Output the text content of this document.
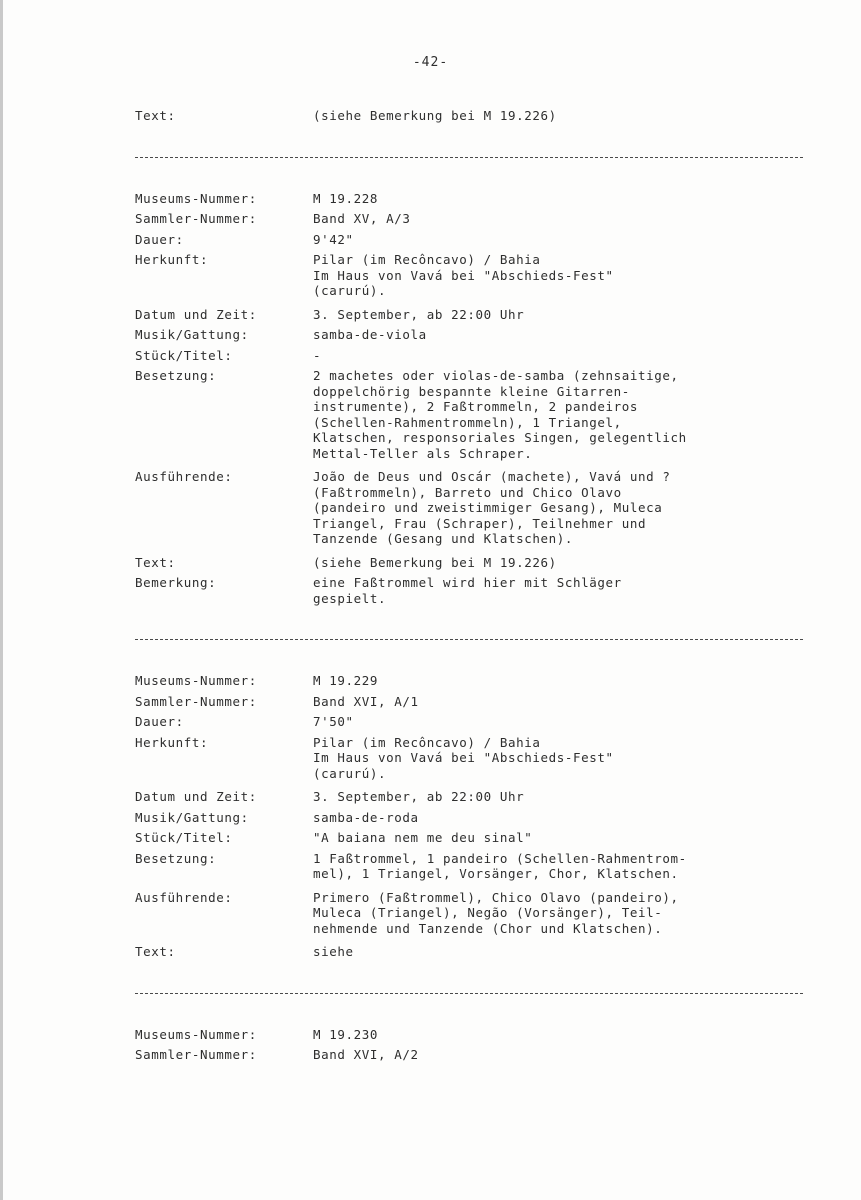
-42-
Text:	(siehe Bemerkung bei M 19.226)
Museums-Nummer:	M 19.228
Sammler-Nummer:	Band XV, A/3
Dauer:	9'42"
Herkunft:	Pilar (im Recôncavo) / Bahia
Im Haus von Vavá bei "Abschieds-Fest"
(carurú).
Datum und Zeit:	3. September, ab 22:00 Uhr
Musik/Gattung:	samba-de-viola
Stück/Titel:	-
Besetzung:	2 machetes oder violas-de-samba (zehnsaitige,
doppelchörig bespannte kleine Gitarren-
instrumente), 2 Faßtrommeln, 2 pandeiros
(Schellen-Rahmentrommeln), 1 Triangel,
Klatschen, responsoriales Singen, gelegentlich
Mettal-Teller als Schraper.
Ausführende:	João de Deus und Oscár (machete), Vavá und ?
(Faßtrommeln), Barreto und Chico Olavo
(pandeiro und zweistimmiger Gesang), Muleca
Triangel, Frau (Schraper), Teilnehmer und
Tanzende (Gesang und Klatschen).
Text:	(siehe Bemerkung bei M 19.226)
Bemerkung:	eine Faßtrommel wird hier mit Schläger
gespielt.
Museums-Nummer:	M 19.229
Sammler-Nummer:	Band XVI, A/1
Dauer:	7'50"
Herkunft:	Pilar (im Recôncavo) / Bahia
Im Haus von Vavá bei "Abschieds-Fest"
(carurú).
Datum und Zeit:	3. September, ab 22:00 Uhr
Musik/Gattung:	samba-de-roda
Stück/Titel:	"A baiana nem me deu sinal"
Besetzung:	1 Faßtrommel, 1 pandeiro (Schellen-Rahmentrom-
mel), 1 Triangel, Vorsänger, Chor, Klatschen.
Ausführende:	Primero (Faßtrommel), Chico Olavo (pandeiro),
Muleca (Triangel), Negão (Vorsänger), Teil-
nehmende und Tanzende (Chor und Klatschen).
Text:	siehe
Museums-Nummer:	M 19.230
Sammler-Nummer:	Band XVI, A/2
